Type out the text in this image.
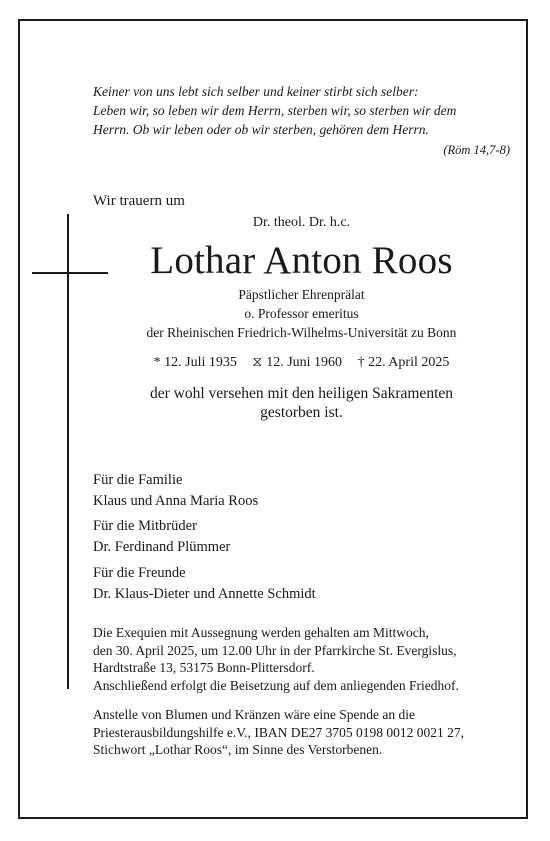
Keiner von uns lebt sich selber und keiner stirbt sich selber:
Leben wir, so leben wir dem Herrn, sterben wir, so sterben wir dem
Herrn. Ob wir leben oder ob wir sterben, gehören dem Herrn.
(Röm 14,7-8)
Wir trauern um
Dr. theol. Dr. h.c.
Lothar Anton Roos
Päpstlicher Ehrenprälat
o. Professor emeritus
der Rheinischen Friedrich-Wilhelms-Universität zu Bonn
* 12. Juli 1935 ⧖ 12. Juni 1960 † 22. April 2025
der wohl versehen mit den heiligen Sakramenten
gestorben ist.
Für die Familie
Klaus und Anna Maria Roos
Für die Mitbrüder
Dr. Ferdinand Plümmer
Für die Freunde
Dr. Klaus-Dieter und Annette Schmidt
Die Exequien mit Aussegnung werden gehalten am Mittwoch,
den 30. April 2025, um 12.00 Uhr in der Pfarrkirche St. Evergislus,
Hardtstraße 13, 53175 Bonn-Plittersdorf.
Anschließend erfolgt die Beisetzung auf dem anliegenden Friedhof.
Anstelle von Blumen und Kränzen wäre eine Spende an die
Priesterausbildungshilfe e.V., IBAN DE27 3705 0198 0012 0021 27,
Stichwort „Lothar Roos“, im Sinne des Verstorbenen.
